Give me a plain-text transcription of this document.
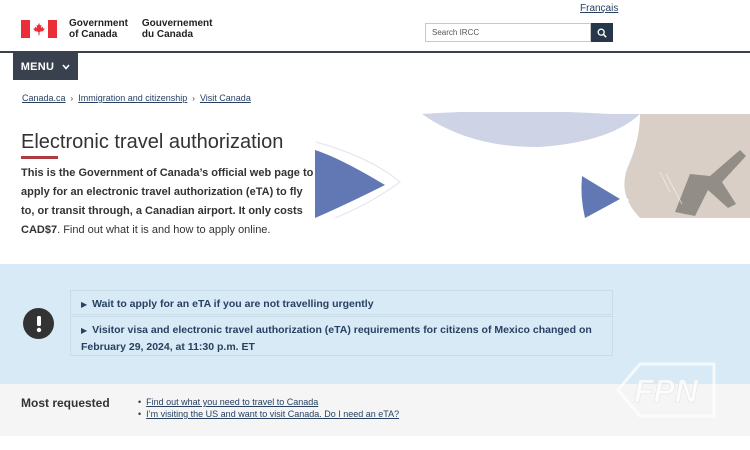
Français
Government
of Canada
Gouvernement
du Canada
Search IRCC
MENU
Canada.ca › Immigration and citizenship › Visit Canada
Electronic travel authorization

This is the Government of Canada’s official web page to apply for an electronic travel authorization (eTA) to fly to, or transit through, a Canadian airport. It only costs CAD$7. Find out what it is and how to apply online.

▶ Wait to apply for an eTA if you are not travelling urgently
▶ Visitor visa and electronic travel authorization (eTA) requirements for citizens of Mexico changed on February 29, 2024, at 11:30 p.m. ET
Most requested
•	Find out what you need to travel to Canada
• I’m visiting the US and want to visit Canada. Do I need an eTA?
FPN
